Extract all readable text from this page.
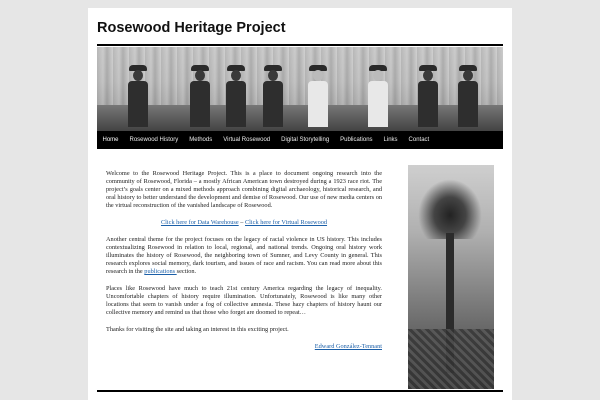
Rosewood Heritage Project
Home	Rosewood History	Methods	Virtual Rosewood	Digital Storytelling	Publications	Links	Contact

Welcome to the Rosewood Heritage Project. This is a place to document ongoing research into the community of Rosewood, Florida – a mostly African American town destroyed during a 1923 race riot. The project’s goals center on a mixed methods approach combining digital archaeology, historical research, and oral history to better understand the development and demise of Rosewood. Our use of new media centers on the virtual reconstruction of the vanished landscape of Rosewood.

Click here for Data Warehouse – Click here for Virtual Rosewood

Another central theme for the project focuses on the legacy of racial violence in US history. This includes contextualizing Rosewood in relation to local, regional, and national trends. Ongoing oral history work illuminates the history of Rosewood, the neighboring town of Sumner, and Levy County in general. This research explores social memory, dark tourism, and issues of race and racism. You can read more about this research in the publications section.

Places like Rosewood have much to teach 21st century America regarding the legacy of inequality. Uncomfortable chapters of history require illumination. Unfortunately, Rosewood is like many other locations that seem to vanish under a fog of collective amnesia. These hazy chapters of history haunt our collective memory and remind us that those who forget are doomed to repeat…

Thanks for visiting the site and taking an interest in this exciting project.

Edward González-Tennant
